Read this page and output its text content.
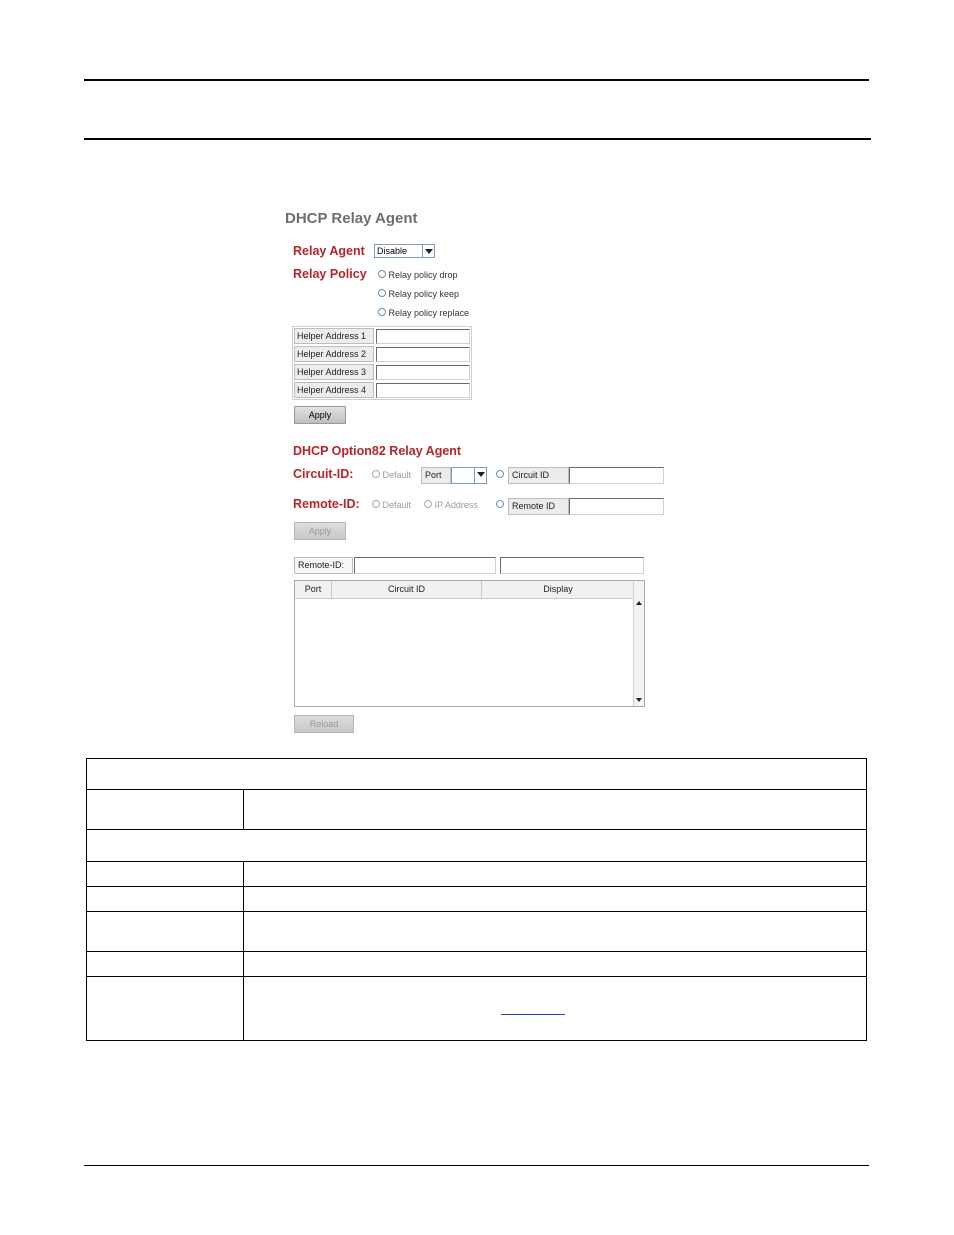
DHCP Relay Agent
Relay Agent	Disable
Relay Policy	Relay policy drop
Relay policy keep
Relay policy replace
Helper Address 1
Helper Address 2
Helper Address 3
Helper Address 4
Apply
DHCP Option82 Relay Agent
Circuit-ID:	Default	Port	Circuit ID
Remote-ID:	Default	IP Address	Remote ID
Apply
Remote-ID:
Port	Circuit ID	Display
Reload
